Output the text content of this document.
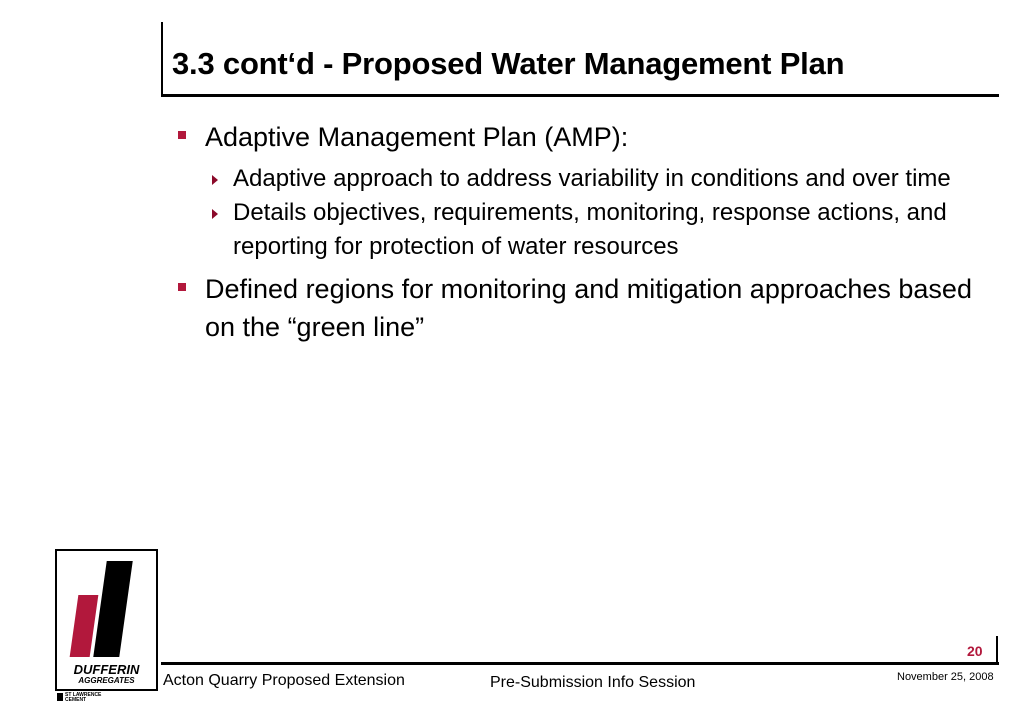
3.3 cont‘d - Proposed Water Management Plan
Adaptive Management Plan (AMP):
Adaptive approach to address variability in conditions and over time
Details objectives, requirements, monitoring, response actions, and reporting for protection of water resources
Defined regions for monitoring and mitigation approaches based on the “green line”
DUFFERIN
AGGREGATES
ST LAWRENCE
CEMENT
20
Acton Quarry Proposed Extension	Pre-Submission Info Session	November 25, 2008
